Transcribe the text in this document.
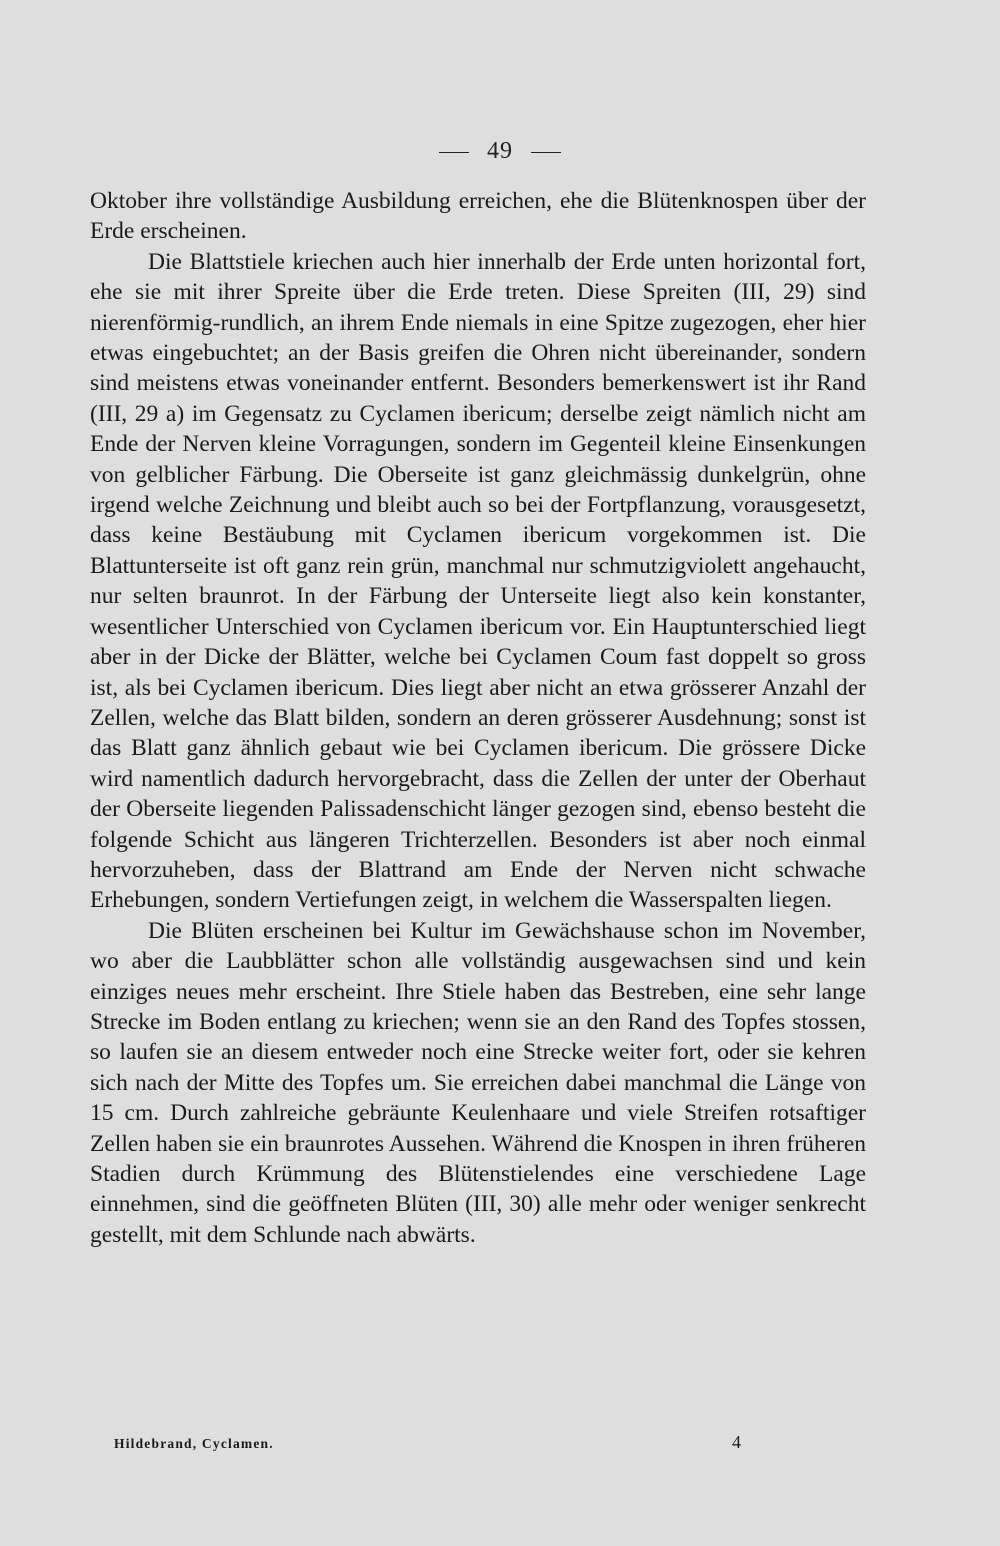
49

Oktober ihre vollständige Ausbildung erreichen, ehe die Blütenknospen über der Erde erscheinen.

Die Blattstiele kriechen auch hier innerhalb der Erde unten horizontal fort, ehe sie mit ihrer Spreite über die Erde treten. Diese Spreiten (III, 29) sind nierenförmig-rundlich, an ihrem Ende niemals in eine Spitze zugezogen, eher hier etwas eingebuchtet; an der Basis greifen die Ohren nicht übereinander, sondern sind meistens etwas voneinander entfernt. Besonders bemerkenswert ist ihr Rand (III, 29 a) im Gegensatz zu Cyclamen ibericum; derselbe zeigt nämlich nicht am Ende der Nerven kleine Vorragungen, sondern im Gegenteil kleine Einsenkungen von gelblicher Färbung. Die Oberseite ist ganz gleichmässig dunkelgrün, ohne irgend welche Zeichnung und bleibt auch so bei der Fortpflanzung, vorausgesetzt, dass keine Bestäubung mit Cyclamen ibericum vorgekommen ist. Die Blattunterseite ist oft ganz rein grün, manchmal nur schmutzigviolett angehaucht, nur selten braunrot. In der Färbung der Unterseite liegt also kein konstanter, wesentlicher Unterschied von Cyclamen ibericum vor. Ein Hauptunterschied liegt aber in der Dicke der Blätter, welche bei Cyclamen Coum fast doppelt so gross ist, als bei Cyclamen ibericum. Dies liegt aber nicht an etwa grösserer Anzahl der Zellen, welche das Blatt bilden, sondern an deren grösserer Ausdehnung; sonst ist das Blatt ganz ähnlich gebaut wie bei Cyclamen ibericum. Die grössere Dicke wird namentlich dadurch hervorgebracht, dass die Zellen der unter der Oberhaut der Oberseite liegenden Palissadenschicht länger gezogen sind, ebenso besteht die folgende Schicht aus längeren Trichterzellen. Besonders ist aber noch einmal hervorzuheben, dass der Blattrand am Ende der Nerven nicht schwache Erhebungen, sondern Vertiefungen zeigt, in welchem die Wasserspalten liegen.

Die Blüten erscheinen bei Kultur im Gewächshause schon im November, wo aber die Laubblätter schon alle vollständig ausgewachsen sind und kein einziges neues mehr erscheint. Ihre Stiele haben das Bestreben, eine sehr lange Strecke im Boden entlang zu kriechen; wenn sie an den Rand des Topfes stossen, so laufen sie an diesem entweder noch eine Strecke weiter fort, oder sie kehren sich nach der Mitte des Topfes um. Sie erreichen dabei manchmal die Länge von 15 cm. Durch zahlreiche gebräunte Keulenhaare und viele Streifen rotsaftiger Zellen haben sie ein braunrotes Aussehen. Während die Knospen in ihren früheren Stadien durch Krümmung des Blütenstielendes eine verschiedene Lage einnehmen, sind die geöffneten Blüten (III, 30) alle mehr oder weniger senkrecht gestellt, mit dem Schlunde nach abwärts.

Hildebrand, Cyclamen.	4
